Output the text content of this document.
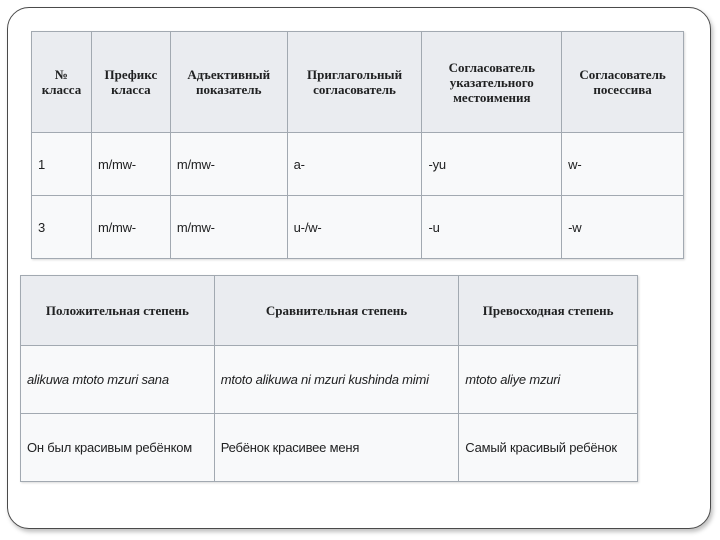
№ класса	Префикс класса	Адъективный показатель	Приглагольный согласователь	Согласователь указательного местоимения	Согласователь посессива
1	m/mw-	m/mw-	a-	-yu	w-
3	m/mw-	m/mw-	u-/w-	-u	-w
Положительная степень	Сравнительная степень	Превосходная степень
alikuwa mtoto mzuri sana	mtoto alikuwa ni mzuri kushinda mimi	mtoto aliye mzuri
Он был красивым ребёнком	Ребёнок красивее меня	Самый красивый ребёнок
